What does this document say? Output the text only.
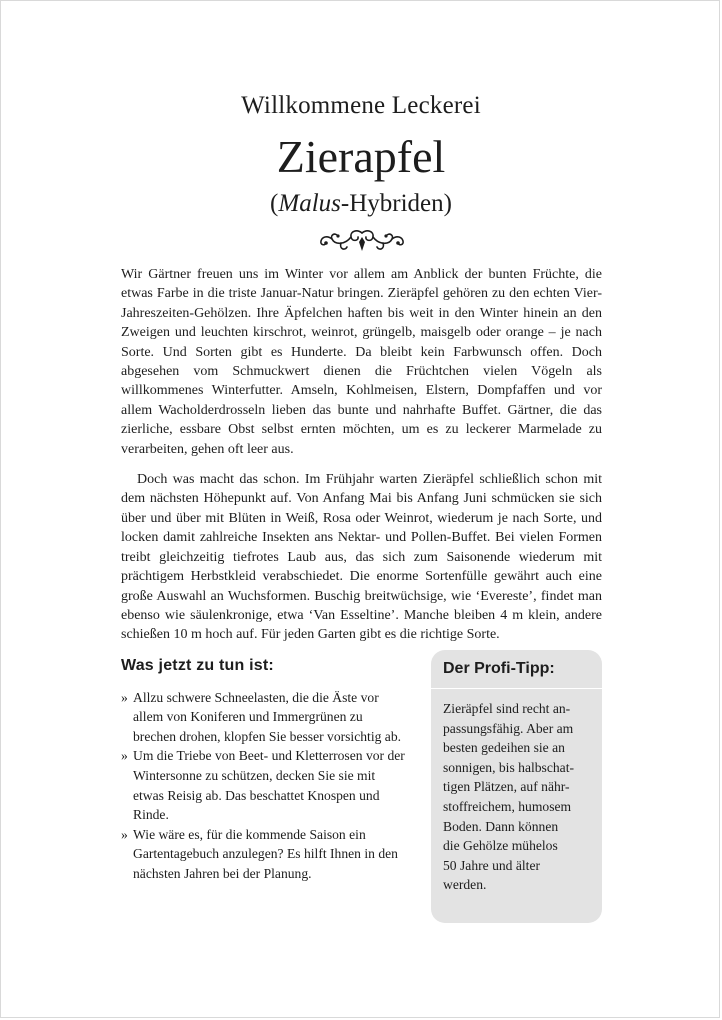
Willkommene Leckerei
Zierapfel
(Malus-Hybriden)

Wir Gärtner freuen uns im Winter vor allem am Anblick der bunten Früchte, die etwas Farbe in die triste Januar-Natur bringen. Zieräpfel gehören zu den echten Vier-Jahreszeiten-Gehölzen. Ihre Äpfelchen haften bis weit in den Winter hinein an den Zweigen und leuchten kirschrot, weinrot, grüngelb, maisgelb oder orange – je nach Sorte. Und Sorten gibt es Hunderte. Da bleibt kein Farbwunsch offen. Doch abgesehen vom Schmuckwert dienen die Früchtchen vielen Vögeln als willkommenes Winterfutter. Amseln, Kohlmeisen, Elstern, Dompfaffen und vor allem Wacholderdrosseln lieben das bunte und nahrhafte Buffet. Gärtner, die das zierliche, essbare Obst selbst ernten möchten, um es zu leckerer Marmelade zu verarbeiten, gehen oft leer aus.

Doch was macht das schon. Im Frühjahr warten Zieräpfel schließlich schon mit dem nächsten Höhepunkt auf. Von Anfang Mai bis Anfang Juni schmücken sie sich über und über mit Blüten in Weiß, Rosa oder Weinrot, wiederum je nach Sorte, und locken damit zahlreiche Insekten ans Nektar- und Pollen-Buffet. Bei vielen Formen treibt gleichzeitig tiefrotes Laub aus, das sich zum Saisonende wiederum mit prächtigem Herbstkleid verabschiedet. Die enorme Sortenfülle gewährt auch eine große Auswahl an Wuchsformen. Buschig breitwüchsige, wie ‘Evereste’, findet man ebenso wie säulenkronige, etwa ‘Van Esseltine’. Manche bleiben 4 m klein, andere schießen 10 m hoch auf. Für jeden Garten gibt es die richtige Sorte.

Was jetzt zu tun ist:
» Allzu schwere Schneelasten, die die Äste vor allem von Koniferen und Immergrünen zu brechen drohen, klopfen Sie besser vorsichtig ab.
» Um die Triebe von Beet- und Kletterrosen vor der Wintersonne zu schützen, decken Sie sie mit etwas Reisig ab. Das beschattet Knospen und Rinde.
» Wie wäre es, für die kommende Saison ein Gartentagebuch anzulegen? Es hilft Ihnen in den nächsten Jahren bei der Planung.
Der Profi-Tipp:
Zieräpfel sind recht an-
passungsfähig. Aber am
besten gedeihen sie an
sonnigen, bis halbschat-
tigen Plätzen, auf nähr-
stoffreichem, humosem
Boden. Dann können
die Gehölze mühelos
50 Jahre und älter
werden.
